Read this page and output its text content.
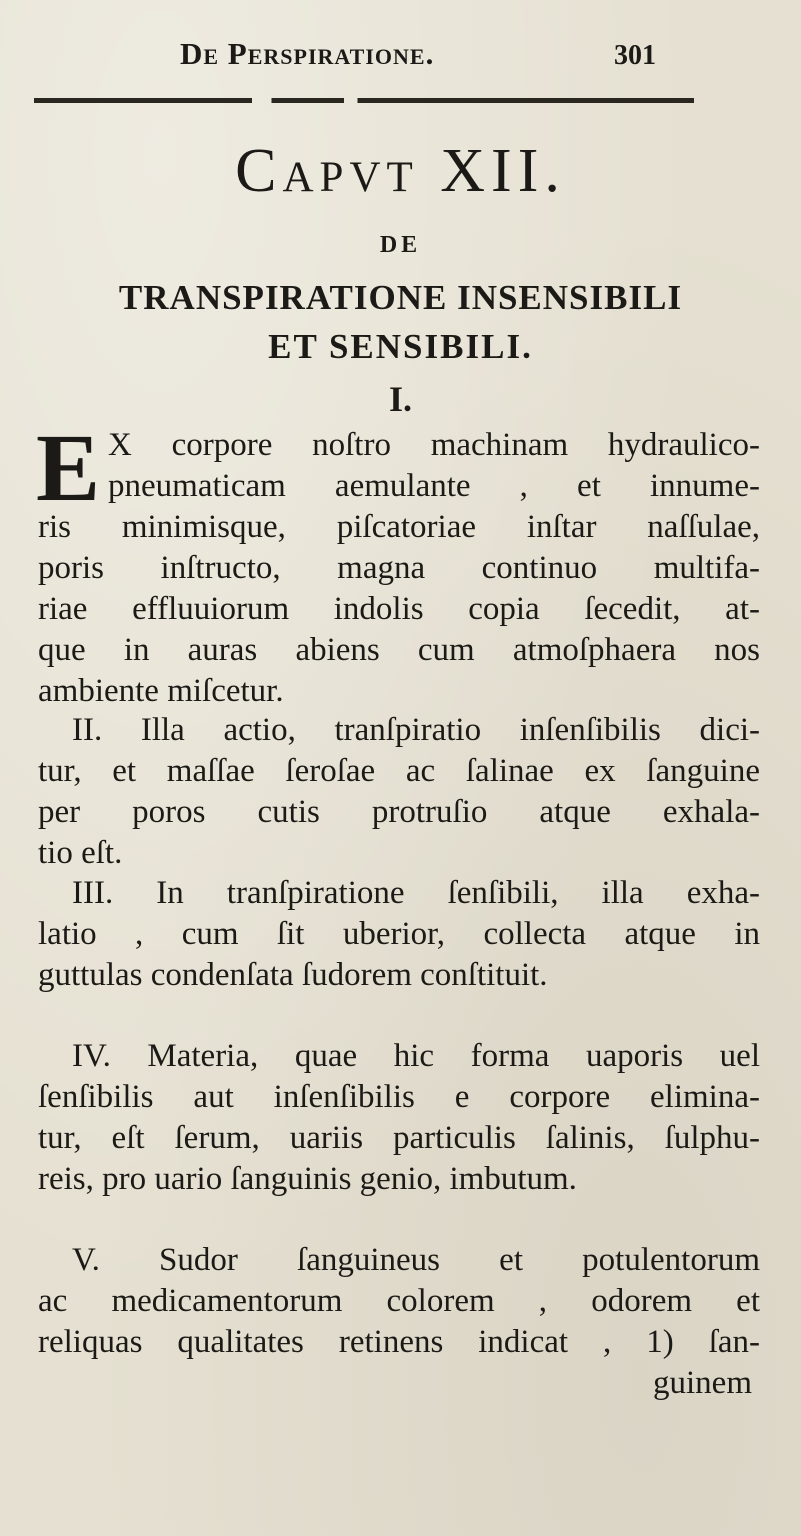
De Perspiratione.	301
Capvt XII.
DE
TRANSPIRATIONE INSENSIBILI
ET SENSIBILI.
I.
E X corpore noſtro machinam hydraulico-
pneumaticam aemulante , et innume-
ris minimisque, piſcatoriae inſtar naſſulae,
poris inſtructo, magna continuo multifa-
riae effluuiorum indolis copia ſecedit, at-
que in auras abiens cum atmoſphaera nos
ambiente miſcetur.
II. Illa actio, tranſpiratio inſenſibilis dici-
tur, et maſſae ſeroſae ac ſalinae ex ſanguine
per poros cutis protruſio atque exhala-
tio eſt.
III. In tranſpiratione ſenſibili, illa exha-
latio , cum ſit uberior, collecta atque in
guttulas condenſata ſudorem conſtituit.
IV. Materia, quae hic forma uaporis uel
ſenſibilis aut inſenſibilis e corpore elimina-
tur, eſt ſerum, uariis particulis ſalinis, ſulphu-
reis, pro uario ſanguinis genio, imbutum.
V. Sudor ſanguineus et potulentorum
ac medicamentorum colorem , odorem et
reliquas qualitates retinens indicat , 1) ſan-
guinem
